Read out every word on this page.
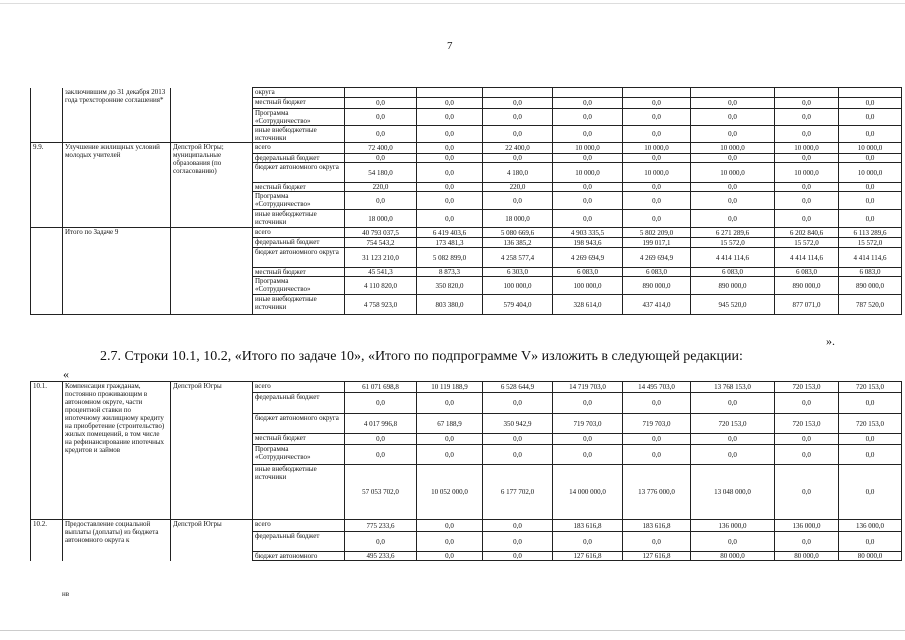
7
	заключившим до 31 декабря 2013 года трехсторонние соглашения*		округа								
			местный бюджет	0,0	0,0	0,0	0,0	0,0	0,0	0,0	0,0
			Программа «Сотрудничество»	0,0	0,0	0,0	0,0	0,0	0,0	0,0	0,0
			иные внебюджетные источники	0,0	0,0	0,0	0,0	0,0	0,0	0,0	0,0
9.9.	Улучшение жилищных условий молодых учителей	Депстрой Югры; муниципальные образования (по согласованию)	всего	72 400,0	0,0	22 400,0	10 000,0	10 000,0	10 000,0	10 000,0	10 000,0
			федеральный бюджет	0,0	0,0	0,0	0,0	0,0	0,0	0,0	0,0
			бюджет автономного округа	54 180,0	0,0	4 180,0	10 000,0	10 000,0	10 000,0	10 000,0	10 000,0
			местный бюджет	220,0	0,0	220,0	0,0	0,0	0,0	0,0	0,0
			Программа «Сотрудничество»	0,0	0,0	0,0	0,0	0,0	0,0	0,0	0,0
			иные внебюджетные источники	18 000,0	0,0	18 000,0	0,0	0,0	0,0	0,0	0,0
	Итого по Задаче 9		всего	40 793 037,5	6 419 403,6	5 080 669,6	4 903 335,5	5 802 209,0	6 271 289,6	6 202 840,6	6 113 289,6
			федеральный бюджет	754 543,2	173 481,3	136 385,2	198 943,6	199 017,1	15 572,0	15 572,0	15 572,0
			бюджет автономного округа	31 123 210,0	5 082 899,0	4 258 577,4	4 269 694,9	4 269 694,9	4 414 114,6	4 414 114,6	4 414 114,6
			местный бюджет	45 541,3	8 873,3	6 303,0	6 083,0	6 083,0	6 083,0	6 083,0	6 083,0
			Программа «Сотрудничество»	4 110 820,0	350 820,0	100 000,0	100 000,0	890 000,0	890 000,0	890 000,0	890 000,0
			иные внебюджетные источники	4 758 923,0	803 380,0	579 404,0	328 614,0	437 414,0	945 520,0	877 071,0	787 520,0
».
2.7. Строки 10.1, 10.2, «Итого по задаче 10», «Итого по подпрограмме V» изложить в следующей редакции:
«
10.1.	Компенсация гражданам, постоянно проживающим в автономном округе, части процентной ставки по ипотечному жилищному кредиту на приобретение (строительство) жилых помещений, в том числе на рефинансирование ипотечных кредитов и займов	Депстрой Югры	всего	61 071 698,8	10 119 188,9	6 528 644,9	14 719 703,0	14 495 703,0	13 768 153,0	720 153,0	720 153,0
			федеральный бюджет	0,0	0,0	0,0	0,0	0,0	0,0	0,0	0,0
			бюджет автономного округа	4 017 996,8	67 188,9	350 942,9	719 703,0	719 703,0	720 153,0	720 153,0	720 153,0
			местный бюджет	0,0	0,0	0,0	0,0	0,0	0,0	0,0	0,0
			Программа «Сотрудничество»	0,0	0,0	0,0	0,0	0,0	0,0	0,0	0,0
			иные внебюджетные источники	57 053 702,0	10 052 000,0	6 177 702,0	14 000 000,0	13 776 000,0	13 048 000,0	0,0	0,0
10.2.	Предоставление социальной выплаты (доплаты) из бюджета автономного округа к	Депстрой Югры	всего	775 233,6	0,0	0,0	183 616,8	183 616,8	136 000,0	136 000,0	136 000,0
			федеральный бюджет	0,0	0,0	0,0	0,0	0,0	0,0	0,0	0,0
			бюджет автономного	495 233,6	0,0	0,0	127 616,8	127 616,8	80 000,0	80 000,0	80 000,0
нв
